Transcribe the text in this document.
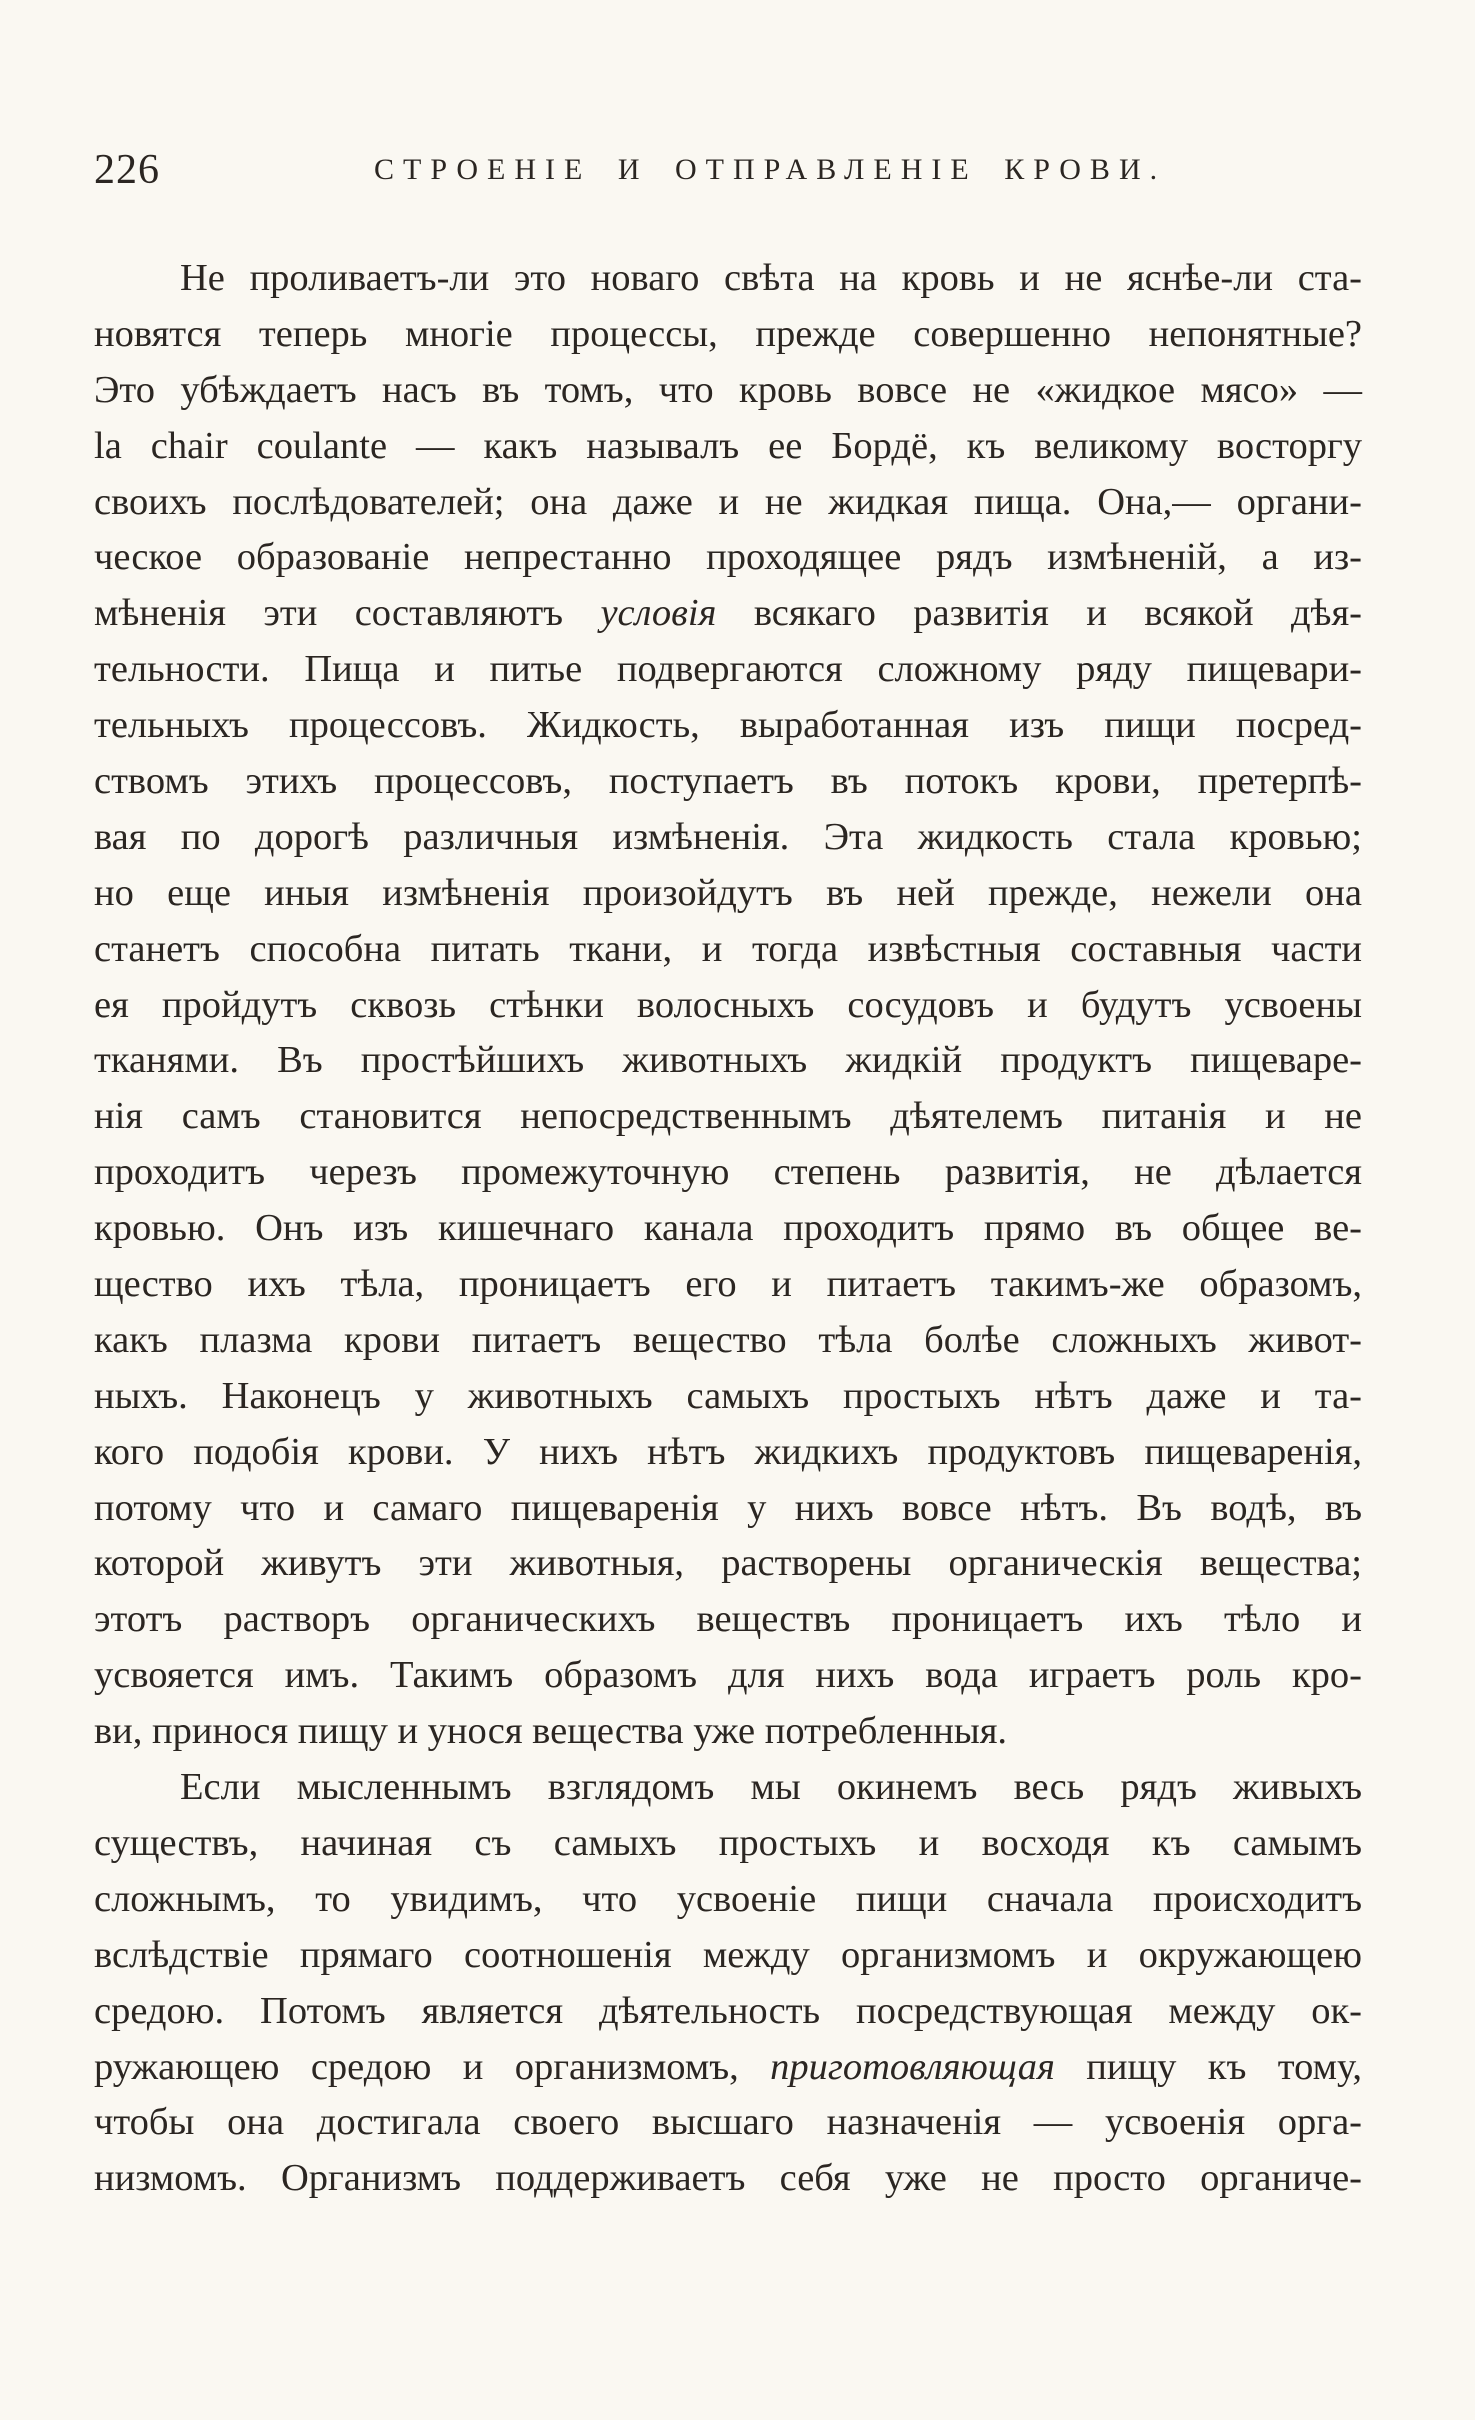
226	СТРОЕНІЕ И ОТПРАВЛЕНІЕ КРОВИ.
Не проливаетъ-ли это новаго свѣта на кровь и не яснѣе-ли ста-
новятся теперь многіе процессы, прежде совершенно непонятные?
Это убѣждаетъ насъ въ томъ, что кровь вовсе не «жидкое мясо» —
la chair coulante — какъ называлъ ее Бордё, къ великому восторгу
своихъ послѣдователей; она даже и не жидкая пища. Она,— органи-
ческое образованіе непрестанно проходящее рядъ измѣненій, а из-
мѣненія эти составляютъ условія всякаго развитія и всякой дѣя-
тельности. Пища и питье подвергаются сложному ряду пищевари-
тельныхъ процессовъ. Жидкость, выработанная изъ пищи посред-
ствомъ этихъ процессовъ, поступаетъ въ потокъ крови, претерпѣ-
вая по дорогѣ различныя измѣненія. Эта жидкость стала кровью;
но еще иныя измѣненія произойдутъ въ ней прежде, нежели она
станетъ способна питать ткани, и тогда извѣстныя составныя части
ея пройдутъ сквозь стѣнки волосныхъ сосудовъ и будутъ усвоены
тканями. Въ простѣйшихъ животныхъ жидкій продуктъ пищеваре-
нія самъ становится непосредственнымъ дѣятелемъ питанія и не
проходитъ черезъ промежуточную степень развитія, не дѣлается
кровью. Онъ изъ кишечнаго канала проходитъ прямо въ общее ве-
щество ихъ тѣла, проницаетъ его и питаетъ такимъ-же образомъ,
какъ плазма крови питаетъ вещество тѣла болѣе сложныхъ живот-
ныхъ. Наконецъ у животныхъ самыхъ простыхъ нѣтъ даже и та-
кого подобія крови. У нихъ нѣтъ жидкихъ продуктовъ пищеваренія,
потому что и самаго пищеваренія у нихъ вовсе нѣтъ. Въ водѣ, въ
которой живутъ эти животныя, растворены органическія вещества;
этотъ растворъ органическихъ веществъ проницаетъ ихъ тѣло и
усвояется имъ. Такимъ образомъ для нихъ вода играетъ роль кро-
ви, принося пищу и унося вещества уже потребленныя.
Если мысленнымъ взглядомъ мы окинемъ весь рядъ живыхъ
существъ, начиная съ самыхъ простыхъ и восходя къ самымъ
сложнымъ, то увидимъ, что усвоеніе пищи сначала происходитъ
вслѣдствіе прямаго соотношенія между организмомъ и окружающею
средою. Потомъ является дѣятельность посредствующая между ок-
ружающею средою и организмомъ, приготовляющая пищу къ тому,
чтобы она достигала своего высшаго назначенія — усвоенія орга-
низмомъ. Организмъ поддерживаетъ себя уже не просто органиче-
